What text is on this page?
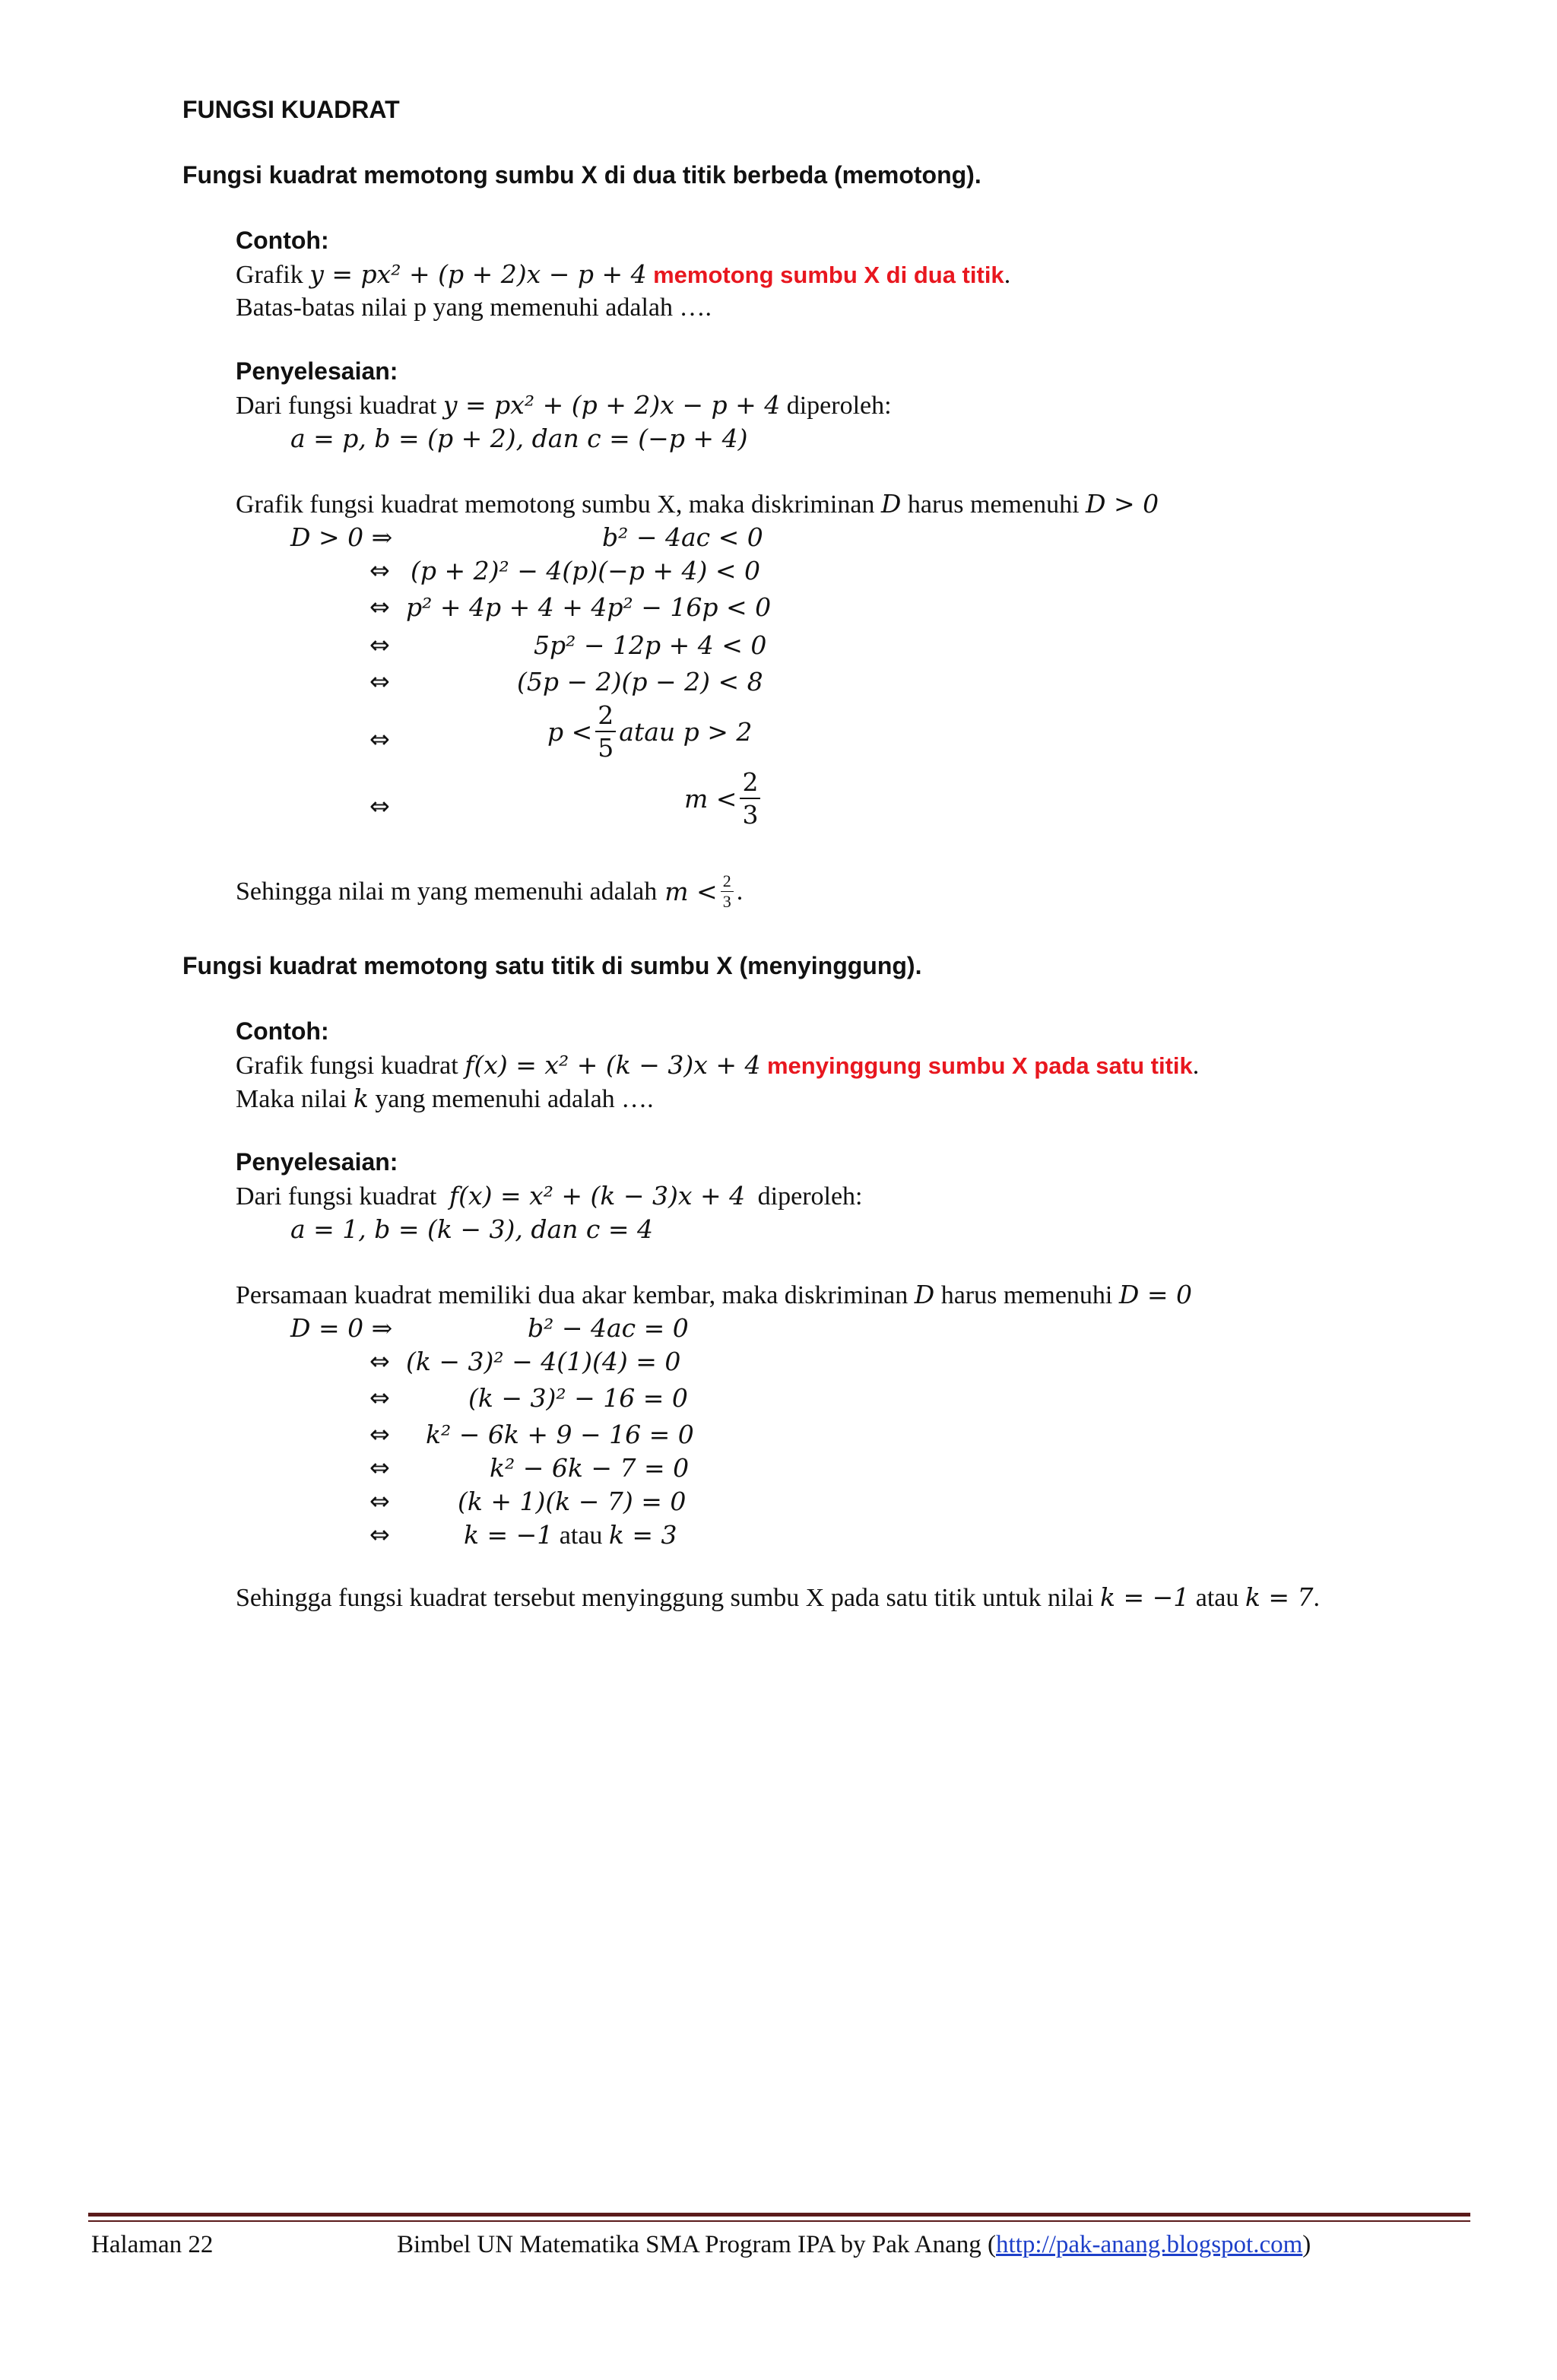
FUNGSI KUADRAT
Fungsi kuadrat memotong sumbu X di dua titik berbeda (memotong).
Contoh:
Grafik y = px² + (p + 2)x − p + 4 memotong sumbu X di dua titik.
Batas-batas nilai p yang memenuhi adalah ….
Penyelesaian:
Dari fungsi kuadrat y = px² + (p + 2)x − p + 4 diperoleh:
a = p, b = (p + 2), dan c = (−p + 4)
Grafik fungsi kuadrat memotong sumbu X, maka diskriminan D harus memenuhi D > 0
D > 0 ⇒	b² − 4ac < 0
⇔ (p + 2)² − 4(p)(−p + 4) < 0
⇔ p² + 4p + 4 + 4p² − 16p < 0
⇔	5p² − 12p + 4 < 0
⇔	(5p − 2)(p − 2) < 8
⇔	$p < \frac{2}{5}$ atau p > 2
⇔	$m < \frac{2}{3}$
Sehingga nilai m yang memenuhi adalah $m < \frac{2}{3}$ .
Fungsi kuadrat memotong satu titik di sumbu X (menyinggung).
Contoh:
Grafik fungsi kuadrat f(x) = x² + (k − 3)x + 4 menyinggung sumbu X pada satu titik.
Maka nilai k yang memenuhi adalah ….
Penyelesaian:
Dari fungsi kuadrat f(x) = x² + (k − 3)x + 4 diperoleh:
a = 1, b = (k − 3), dan c = 4
Persamaan kuadrat memiliki dua akar kembar, maka diskriminan D harus memenuhi D = 0
D = 0 ⇒	b² − 4ac = 0
⇔ (k − 3)² − 4(1)(4) = 0
⇔	(k − 3)² − 16 = 0
⇔ k² − 6k + 9 − 16 = 0
⇔	k² − 6k − 7 = 0
⇔	(k + 1)(k − 7) = 0
⇔	k = −1 atau k = 3
Sehingga fungsi kuadrat tersebut menyinggung sumbu X pada satu titik untuk nilai k = −1 atau k = 7.
Halaman 22	Bimbel UN Matematika SMA Program IPA by Pak Anang (http://pak-anang.blogspot.com)
